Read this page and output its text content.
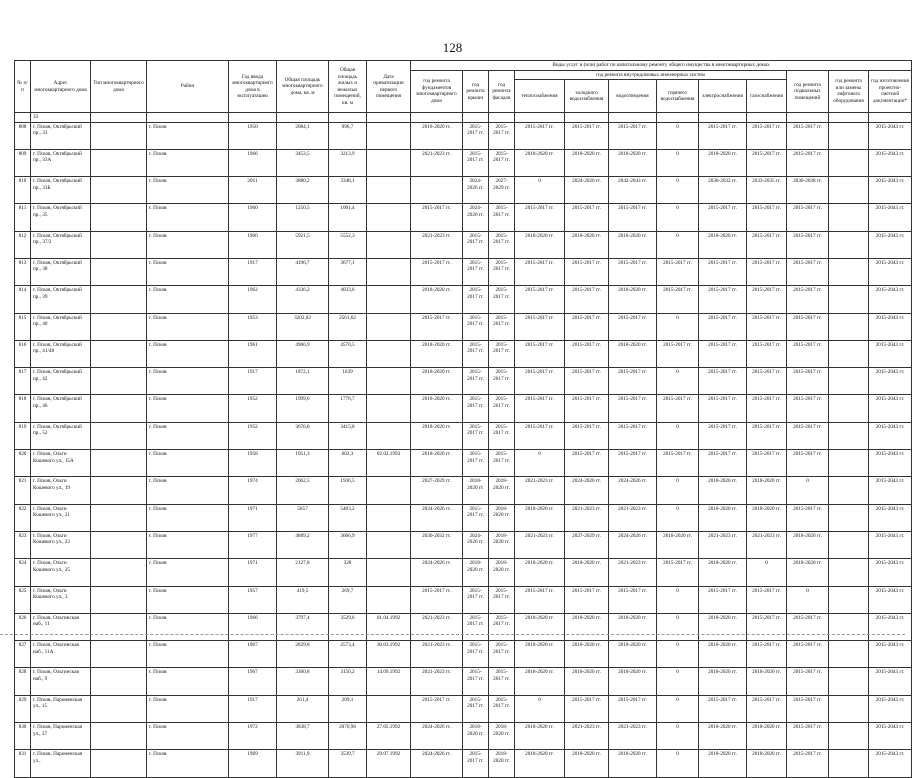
128
№ п/п	Адрес многоквартирного дома	Тип многоквартирного дома	Район	Год ввода многоквартирного дома в эксплуатацию	Общая площадь многоквартирного дома, кв. м	Общая площадь жилых и нежилых помещений, кв. м	Дата приватизации первого помещения	Виды услуг и (или) работ по капитальному ремонту общего имущества в многоквартирных домах											
								год ремонта фундаментов многоквартирного дома	год ремонта крыши	год ремонта фасадов	год ремонта внутридомовых инженерных систем						год ремонта подвальных помещений	год ремонта или замены лифтового оборудования	год изготовления проектно-сметной документации*
											теплоснабжения	холодного водоснабжения	водоотведения	горячего водоснабжения	электроснабжения	газоснабжения			
	33																		
808	г. Псков, Октябрьский пр., 33		г. Псков	1950	2084,1	996,7		2018-2020 гг.	2015-2017 гг.	2015-2017 гг.	2015-2017 гг.	2015-2017 гг.	2015-2017 гг.	0	2015-2017 гг.	2015-2017 гг.	2015-2017 гг.		2015-2043 гг.
809	г. Псков, Октябрьский пр., 33А		г. Псков	1966	3453,5	3213,9		2021-2023 гг.	2015-2017 гг.	2015-2017 гг.	2018-2020 гг.	2018-2020 гг.	2018-2020 гг.	0	2018-2020 гг.	2015-2017 гг.	2015-2017 гг.		2015-2043 гг.
810	г. Псков, Октябрьский пр., 33Б		г. Псков	2011	3880,2	3348,1			2024-2026 гг.	2027-2029 гг.	0	2024-2026 гг.	2042-2043 гг.	0	2030-2032 гг.	2033-2035 гг.	2036-2038 гг.		2015-2043 гг.
811	г. Псков, Октябрьский пр., 35		г. Псков	1960	1250,5	1001,4		2015-2017 гг.	2024-2026 гг.	2015-2017 гг.	2015-2017 гг.	2015-2017 гг.	2015-2017 гг.	0	2015-2017 гг.	2015-2017 гг.	2015-2017 гг.		2015-2043 гг.
812	г. Псков, Октябрьский пр., 37/2		г. Псков	1966	5921,5	5552,3		2021-2023 гг.	2015-2017 гг.	2015-2017 гг.	2018-2020 гг.	2018-2020 гг.	2018-2020 гг.	0	2018-2020 гг.	2015-2017 гг.	2015-2017 гг.		2015-2043 гг.
813	г. Псков, Октябрьский пр., 38		г. Псков	1917	4196,7	3677,1		2015-2017 гг.	2015-2017 гг.	2015-2017 гг.	2015-2017 гг.	2015-2017 гг.	2015-2017 гг.	2015-2017 гг.	2015-2017 гг.	2015-2017 гг.	2015-2017 гг.		2015-2043 гг.
814	г. Псков, Октябрьский пр., 39		г. Псков	1962	4336,2	4033,6		2018-2020 гг.	2015-2017 гг.	2015-2017 гг.	2015-2017 гг.	2015-2017 гг.	2018-2020 гг.	2015-2017 гг.	2015-2017 гг.	2015-2017 гг.	2015-2017 гг.		2015-2043 гг.
815	г. Псков, Октябрьский пр., 40		г. Псков	1953	3202,02	2561,62		2015-2017 гг.	2015-2017 гг.	2015-2017 гг.	2015-2017 гг.	2015-2017 гг.	2015-2017 гг.	0	2015-2017 гг.	2015-2017 гг.	2015-2017 гг.		2015-2043 гг.
816	г. Псков, Октябрьский пр., 41/48		г. Псков	1961	4966,9	4570,5		2018-2020 гг.	2015-2017 гг.	2015-2017 гг.	2015-2017 гг.	2015-2017 гг.	2018-2020 гг.	2015-2017 гг.	2015-2017 гг.	2015-2017 гг.	2015-2017 гг.		2015-2043 гг.
817	г. Псков, Октябрьский пр., 42		г. Псков	1917	1872,1	1639		2018-2020 гг.	2015-2017 гг.	2015-2017 гг.	2015-2017 гг.	2015-2017 гг.	2015-2017 гг.	0	2015-2017 гг.	2015-2017 гг.	2015-2017 гг.		2015-2043 гг.
818	г. Псков, Октябрьский пр., 46		г. Псков	1952	1999,6	1776,7		2018-2020 гг.	2015-2017 гг.	2015-2017 гг.	2015-2017 гг.	2015-2017 гг.	2015-2017 гг.	2015-2017 гг.	2015-2017 гг.	2015-2017 гг.	2015-2017 гг.		2015-2043 гг.
819	г. Псков, Октябрьский пр., 52		г. Псков	1952	3676,8	3415,8		2018-2020 гг.	2015-2017 гг.	2015-2017 гг.	2015-2017 гг.	2015-2017 гг.	2015-2017 гг.	0	2015-2017 гг.	2015-2017 гг.	2015-2017 гг.		2015-2043 гг.
820	г. Псков, Ольги Кошевого ул., 15А		г. Псков	1958	1051,3	602,3	02.02.1993	2018-2020 гг.	2015-2017 гг.	2015-2017 гг.	0	2015-2017 гг.	2015-2017 гг.	2015-2017 гг.	2015-2017 гг.	2015-2017 гг.	2015-2017 гг.		2015-2043 гг.
821	г. Псков, Ольги Кошевого ул., 19		г. Псков	1974	2062,5	1936,5		2027-2029 гг.	2018-2020 гг.	2018-2020 гг.	2021-2023 гг.	2024-2026 гг.	2024-2026 гг.	0	2018-2020 гг.	2018-2020 гг.	0		2015-2043 гг.
822	г. Псков, Ольги Кошевого ул., 21		г. Псков	1971	5657	5403,2		2024-2026 гг.	2015-2017 гг.	2018-2020 гг.	2018-2020 гг.	2021-2023 гг.	2021-2023 гг.	0	2018-2020 гг.	2018-2020 гг.	2015-2017 гг.		2015-2043 гг.
823	г. Псков, Ольги Кошевого ул., 23		г. Псков	1977	4889,2	3666,9		2030-2032 гг.	2024-2026 гг.	2018-2020 гг.	2021-2023 гг.	2027-2029 гг.	2024-2026 гг.	2018-2020 гг.	2021-2023 гг.	2021-2023 гг.	2018-2020 гг.		2015-2043 гг.
824	г. Псков, Ольги Кошевого ул., 25		г. Псков	1971	2127,8	328		2024-2026 гг.	2018-2020 гг.	2018-2020 гг.	2018-2020 гг.	2018-2020 гг.	2021-2023 гг.	2015-2017 гг.	2018-2020 гг.	0	2018-2020 гг.		2015-2043 гг.
825	г. Псков, Ольги Кошевого ул., 3		г. Псков	1957	419,5	269,7		2015-2017 гг.	2015-2017 гг.	2015-2017 гг.	2015-2017 гг.	2015-2017 гг.	2015-2017 гг.	0	2015-2017 гг.	2015-2017 гг.	0		2015-2043 гг.
826	г. Псков, Ольгинская наб., 11		г. Псков	1966	3797,4	3529,6	01.04.1992	2021-2023 гг.	2015-2017 гг.	2015-2017 гг.	2018-2020 гг.	2018-2020 гг.	2018-2020 гг.	0	2018-2020 гг.	2015-2017 гг.	2015-2017 гг.		2015-2043 гг.
827	г. Псков, Ольгинская наб., 11А		г. Псков	1967	2839,8	2573,4	30.03.1992	2021-2023 гг.	2015-2017 гг.	2015-2017 гг.	2018-2020 гг.	2018-2020 гг.	2018-2020 гг.	0	2018-2020 гг.	2015-2017 гг.	2015-2017 гг.		2015-2043 гг.
828	г. Псков, Ольгинская наб., 9		г. Псков	1967	3360,8	3150,2	14.09.1992	2021-2023 гг.	2015-2017 гг.	2015-2017 гг.	2018-2020 гг.	2018-2020 гг.	2018-2020 гг.	0	2018-2020 гг.	2018-2020 гг.	2015-2017 гг.		2015-2043 гг.
829	г. Псков, Пароменская ул., 15		г. Псков	1917	261,4	209,1		2015-2017 гг.	2015-2017 гг.	2015-2017 гг.	0	2015-2017 гг.	2015-2017 гг.	0	2015-2017 гг.	2015-2017 гг.	2015-2017 гг.		2015-2043 гг.
830	г. Псков, Пароменская ул., 37		г. Псков	1972	3838,7	2070,96	27.05.1992	2024-2026 гг.	2018-2020 гг.	2018-2020 гг.	2018-2020 гг.	2021-2023 гг.	2021-2023 гг.	0	2018-2020 гг.	2018-2020 гг.	2015-2017 гг.		2015-2043 гг.
831	г. Псков, Пароменская ул.,		г. Псков	1969	3911,9	3539,7	29.07.1992	2024-2026 гг.	2015-2017 гг.	2018-2020 гг.	2018-2020 гг.	2018-2020 гг.	2018-2020 гг.	0	2018-2020 гг.	2018-2020 гг.	2015-2017 гг.		2015-2043 гг.
